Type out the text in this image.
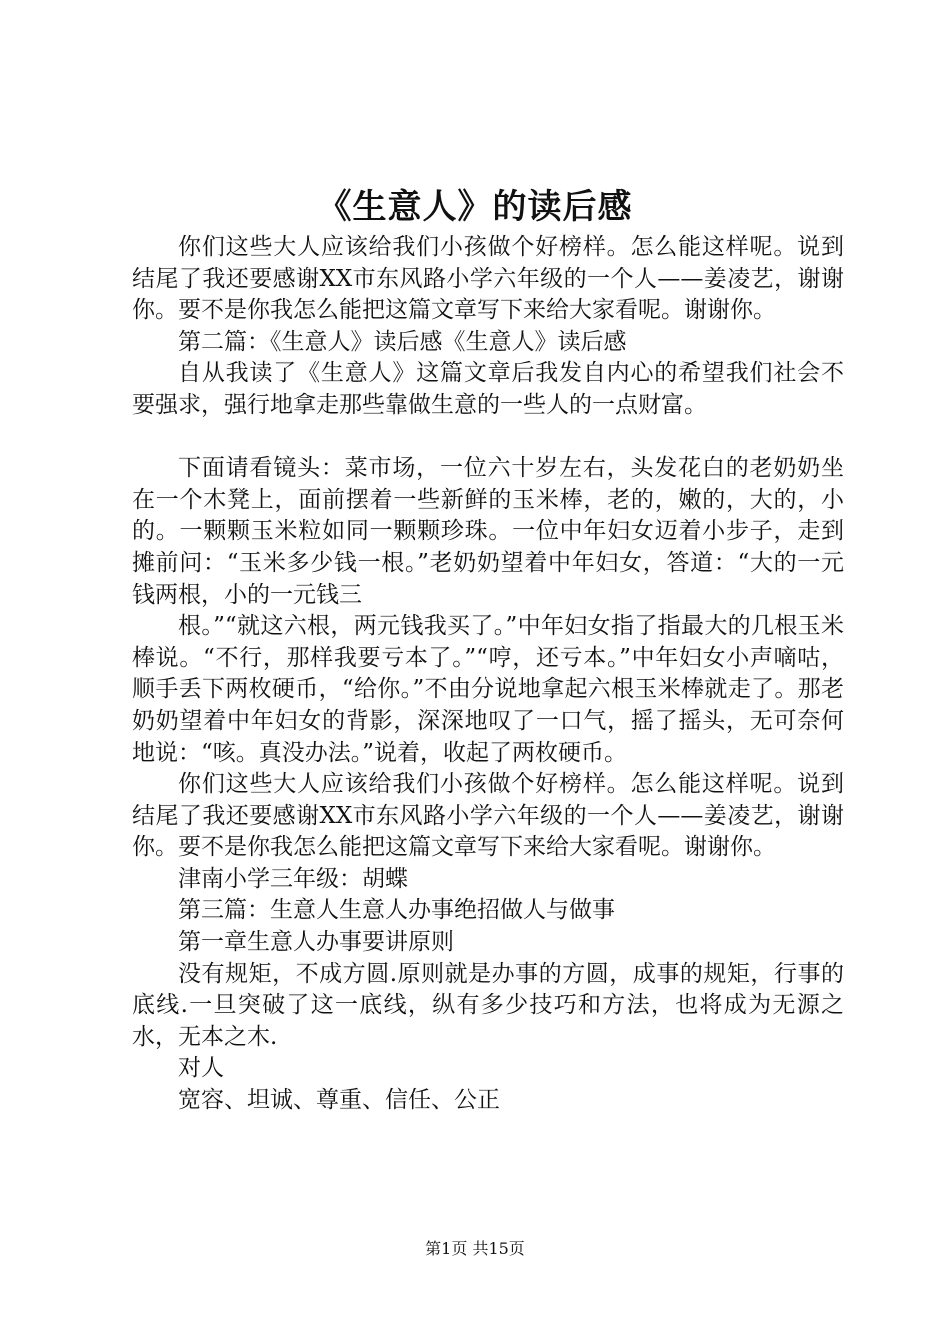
《生意人》的读后感

你们这些大人应该给我们小孩做个好榜样。怎么能这样呢。说到结尾了我还要感谢XX市东风路小学六年级的一个人——姜凌艺，谢谢你。要不是你我怎么能把这篇文章写下来给大家看呢。谢谢你。

第二篇：《生意人》读后感《生意人》读后感

自从我读了《生意人》这篇文章后我发自内心的希望我们社会不要强求，强行地拿走那些靠做生意的一些人的一点财富。

下面请看镜头：菜市场，一位六十岁左右，头发花白的老奶奶坐在一个木凳上，面前摆着一些新鲜的玉米棒，老的，嫩的，大的，小的。一颗颗玉米粒如同一颗颗珍珠。一位中年妇女迈着小步子，走到摊前问：“玉米多少钱一根。”老奶奶望着中年妇女，答道：“大的一元钱两根，小的一元钱三

根。”“就这六根，两元钱我买了。”中年妇女指了指最大的几根玉米棒说。“不行，那样我要亏本了。”“哼，还亏本。”中年妇女小声嘀咕，顺手丢下两枚硬币，“给你。”不由分说地拿起六根玉米棒就走了。那老奶奶望着中年妇女的背影，深深地叹了一口气，摇了摇头，无可奈何地说：“咳。真没办法。”说着，收起了两枚硬币。

你们这些大人应该给我们小孩做个好榜样。怎么能这样呢。说到结尾了我还要感谢XX市东风路小学六年级的一个人——姜凌艺，谢谢你。要不是你我怎么能把这篇文章写下来给大家看呢。谢谢你。

津南小学三年级：胡蝶

第三篇：生意人生意人办事绝招做人与做事

第一章生意人办事要讲原则

没有规矩，不成方圆.原则就是办事的方圆，成事的规矩，行事的底线.一旦突破了这一底线，纵有多少技巧和方法，也将成为无源之水，无本之木.

对人

宽容、坦诚、尊重、信任、公正

第1页 共15页
